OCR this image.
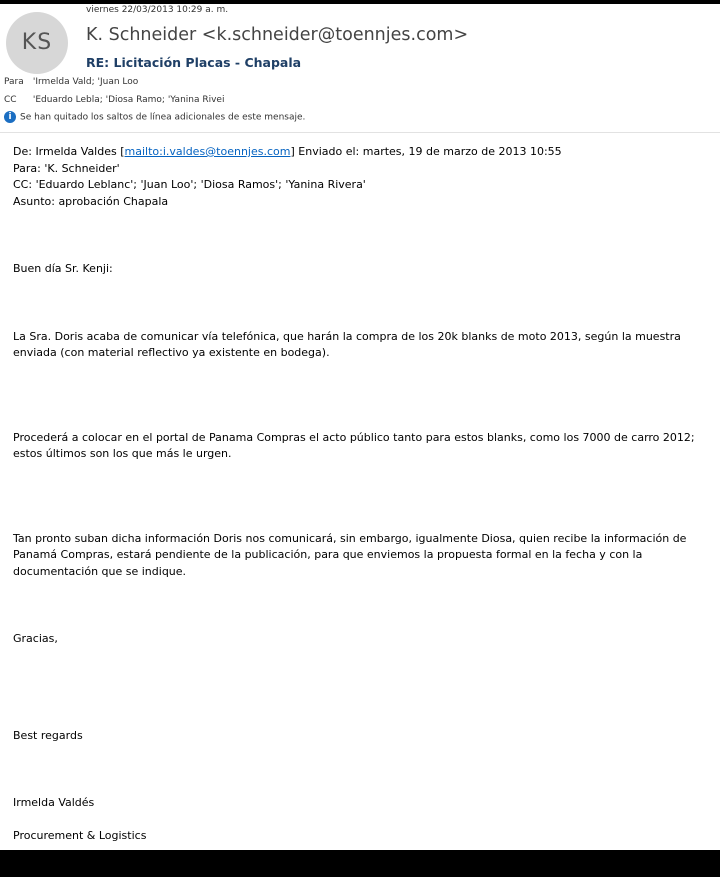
KS
viernes 22/03/2013 10:29 a. m.
K. Schneider <k.schneider@toennjes.com>
RE: Licitación Placas - Chapala
Para 'Irmelda Vald; 'Juan Loo
CC 'Eduardo Lebla; 'Diosa Ramo; 'Yanina Rivei
i Se han quitado los saltos de línea adicionales de este mensaje.

De: Irmelda Valdes [mailto:i.valdes@toennjes.com] Enviado el: martes, 19 de marzo de 2013 10:55

Para: 'K. Schneider'

CC: 'Eduardo Leblanc'; 'Juan Loo'; 'Diosa Ramos'; 'Yanina Rivera'

Asunto: aprobación Chapala

Buen día Sr. Kenji:

La Sra. Doris acaba de comunicar vía telefónica, que harán la compra de los 20k blanks de moto 2013, según la muestra enviada (con material reflectivo ya existente en bodega).

Procederá a colocar en el portal de Panama Compras el acto público tanto para estos blanks, como los 7000 de carro 2012; estos últimos son los que más le urgen.

Tan pronto suban dicha información Doris nos comunicará, sin embargo, igualmente Diosa, quien recibe la información de Panamá Compras, estará pendiente de la publicación, para que enviemos la propuesta formal en la fecha y con la documentación que se indique.

Gracias,

Best regards

Irmelda Valdés

Procurement & Logistics

Tönnjes Group Latin America
